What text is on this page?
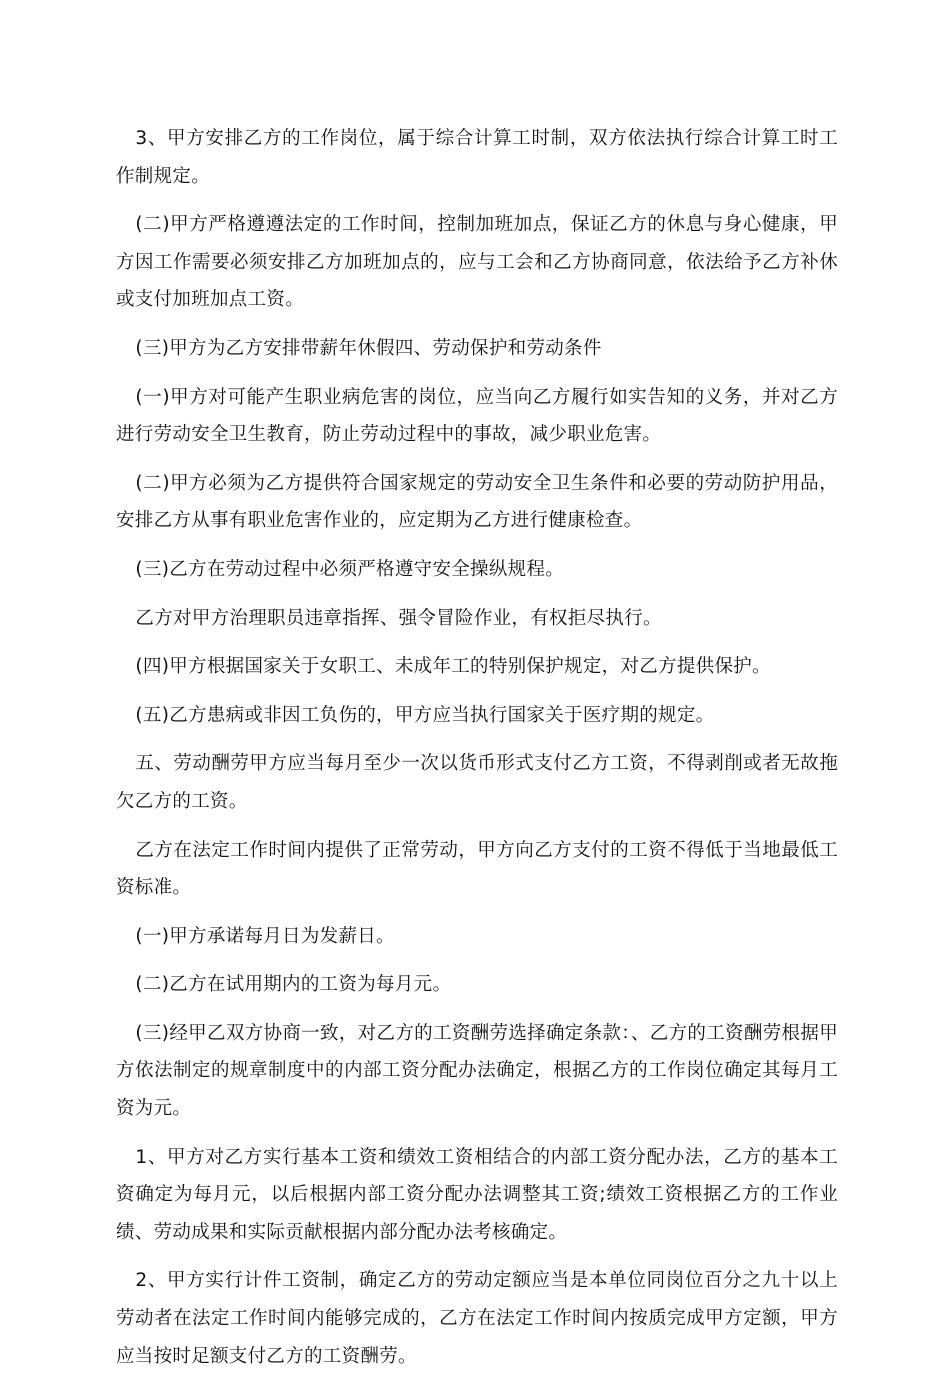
3、甲方安排乙方的工作岗位，属于综合计算工时制，双方依法执行综合计算工时工作制规定。

(二)甲方严格遵遵法定的工作时间，控制加班加点，保证乙方的休息与身心健康，甲方因工作需要必须安排乙方加班加点的，应与工会和乙方协商同意，依法给予乙方补休或支付加班加点工资。

(三)甲方为乙方安排带薪年休假四、劳动保护和劳动条件

(一)甲方对可能产生职业病危害的岗位，应当向乙方履行如实告知的义务，并对乙方进行劳动安全卫生教育，防止劳动过程中的事故，减少职业危害。

(二)甲方必须为乙方提供符合国家规定的劳动安全卫生条件和必要的劳动防护用品，安排乙方从事有职业危害作业的，应定期为乙方进行健康检查。

(三)乙方在劳动过程中必须严格遵守安全操纵规程。

乙方对甲方治理职员违章指挥、强令冒险作业，有权拒尽执行。

(四)甲方根据国家关于女职工、未成年工的特别保护规定，对乙方提供保护。

(五)乙方患病或非因工负伤的，甲方应当执行国家关于医疗期的规定。

五、劳动酬劳甲方应当每月至少一次以货币形式支付乙方工资，不得剥削或者无故拖欠乙方的工资。

乙方在法定工作时间内提供了正常劳动，甲方向乙方支付的工资不得低于当地最低工资标准。

(一)甲方承诺每月日为发薪日。

(二)乙方在试用期内的工资为每月元。

(三)经甲乙双方协商一致，对乙方的工资酬劳选择确定条款：、乙方的工资酬劳根据甲方依法制定的规章制度中的内部工资分配办法确定，根据乙方的工作岗位确定其每月工资为元。

1、甲方对乙方实行基本工资和绩效工资相结合的内部工资分配办法，乙方的基本工资确定为每月元，以后根据内部工资分配办法调整其工资;绩效工资根据乙方的工作业绩、劳动成果和实际贡献根据内部分配办法考核确定。

2、甲方实行计件工资制，确定乙方的劳动定额应当是本单位同岗位百分之九十以上劳动者在法定工作时间内能够完成的，乙方在法定工作时间内按质完成甲方定额，甲方应当按时足额支付乙方的工资酬劳。
